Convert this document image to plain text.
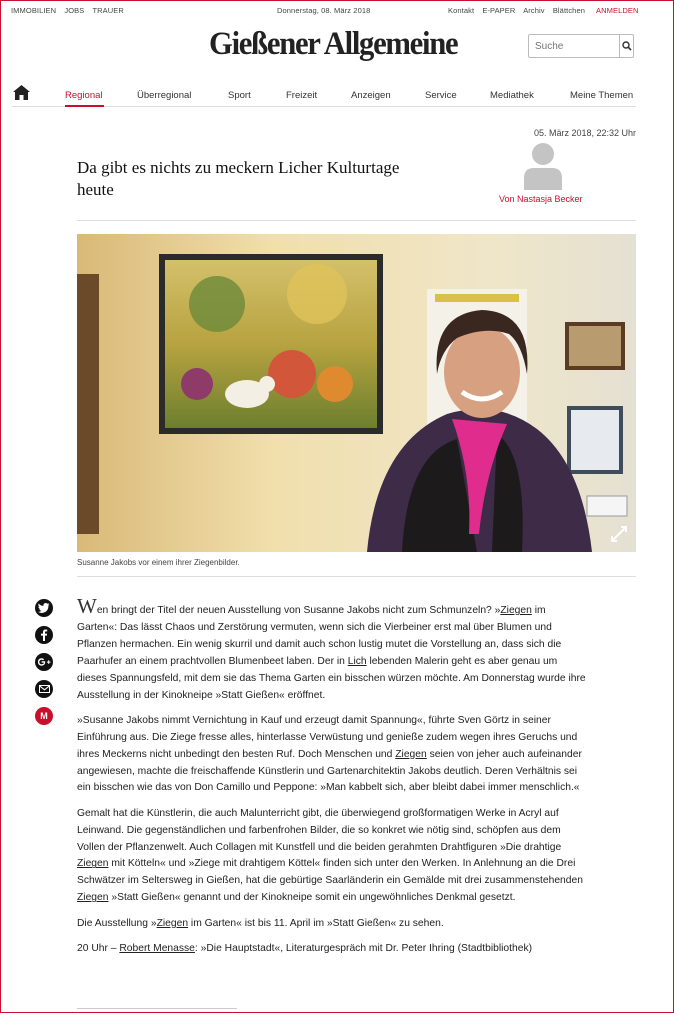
IMMOBILIEN JOBS TRAUER	Donnerstag, 08. März 2018	Kontakt E-PAPER Archiv Blättchen	ANMELDEN
Gießener Allgemeine
Suche
Regional	Überregional	Sport	Freizeit	Anzeigen	Service	Mediathek	Meine Themen
05. März 2018, 22:32 Uhr
Da gibt es nichts zu meckern Licher Kulturtage heute	Von Nastasja Becker
Susanne Jakobs vor einem ihrer Ziegenbilder.
M

Wen bringt der Titel der neuen Ausstellung von Susanne Jakobs nicht zum Schmunzeln? »Ziegen im Garten«: Das lässt Chaos und Zerstörung vermuten, wenn sich die Vierbeiner erst mal über Blumen und Pflanzen hermachen. Ein wenig skurril und damit auch schon lustig mutet die Vorstellung an, dass sich die Paarhufer an einem prachtvollen Blumenbeet laben. Der in Lich lebenden Malerin geht es aber genau um dieses Spannungsfeld, mit dem sie das Thema Garten ein bisschen würzen möchte. Am Donnerstag wurde ihre Ausstellung in der Kinokneipe »Statt Gießen« eröffnet.

»Susanne Jakobs nimmt Vernichtung in Kauf und erzeugt damit Spannung«, führte Sven Görtz in seiner Einführung aus. Die Ziege fresse alles, hinterlasse Verwüstung und genieße zudem wegen ihres Geruchs und ihres Meckerns nicht unbedingt den besten Ruf. Doch Menschen und Ziegen seien von jeher auch aufeinander angewiesen, machte die freischaffende Künstlerin und Gartenarchitektin Jakobs deutlich. Deren Verhältnis sei ein bisschen wie das von Don Camillo und Peppone: »Man kabbelt sich, aber bleibt dabei immer menschlich.«

Gemalt hat die Künstlerin, die auch Malunterricht gibt, die überwiegend großformatigen Werke in Acryl auf Leinwand. Die gegenständlichen und farbenfrohen Bilder, die so konkret wie nötig sind, schöpfen aus dem Vollen der Pflanzenwelt. Auch Collagen mit Kunstfell und die beiden gerahmten Drahtfiguren »Die drahtige Ziegen mit Kötteln« und »Ziege mit drahtigem Köttel« finden sich unter den Werken. In Anlehnung an die Drei Schwätzer im Seltersweg in Gießen, hat die gebürtige Saarländerin ein Gemälde mit drei zusammenstehenden Ziegen »Statt Gießen« genannt und der Kinokneipe somit ein ungewöhnliches Denkmal gesetzt.

Die Ausstellung »Ziegen im Garten« ist bis 11. April im »Statt Gießen« zu sehen.

20 Uhr – Robert Menasse: »Die Hauptstadt«, Literaturgespräch mit Dr. Peter Ihring (Stadtbibliothek)
